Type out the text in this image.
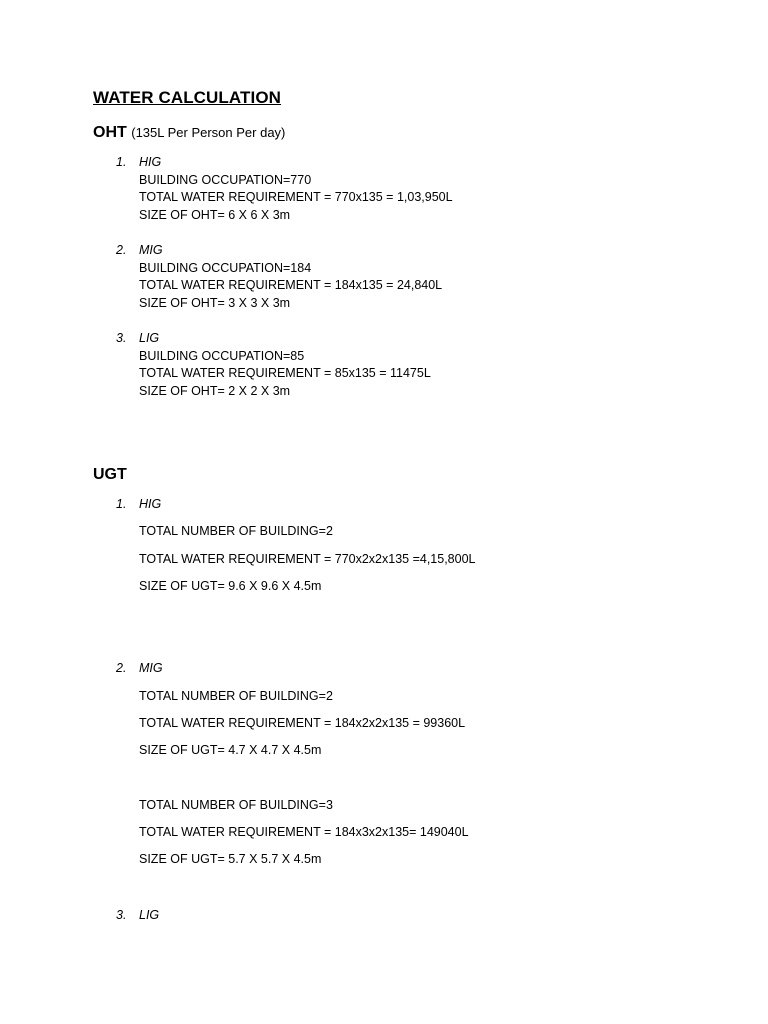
WATER CALCULATION
OHT (135L Per Person Per day)
1. HIG
BUILDING OCCUPATION=770
TOTAL WATER REQUIREMENT = 770x135 = 1,03,950L
SIZE OF OHT= 6 X 6 X 3m
2. MIG
BUILDING OCCUPATION=184
TOTAL WATER REQUIREMENT = 184x135 = 24,840L
SIZE OF OHT= 3 X 3 X 3m
3. LIG
BUILDING OCCUPATION=85
TOTAL WATER REQUIREMENT = 85x135 = 11475L
SIZE OF OHT= 2 X 2 X 3m
UGT
1. HIG
TOTAL NUMBER OF BUILDING=2
TOTAL WATER REQUIREMENT = 770x2x2x135 =4,15,800L
SIZE OF UGT= 9.6 X 9.6 X 4.5m
2. MIG
TOTAL NUMBER OF BUILDING=2
TOTAL WATER REQUIREMENT = 184x2x2x135 = 99360L
SIZE OF UGT= 4.7 X 4.7 X 4.5m
TOTAL NUMBER OF BUILDING=3
TOTAL WATER REQUIREMENT = 184x3x2x135= 149040L
SIZE OF UGT= 5.7 X 5.7 X 4.5m
3. LIG
